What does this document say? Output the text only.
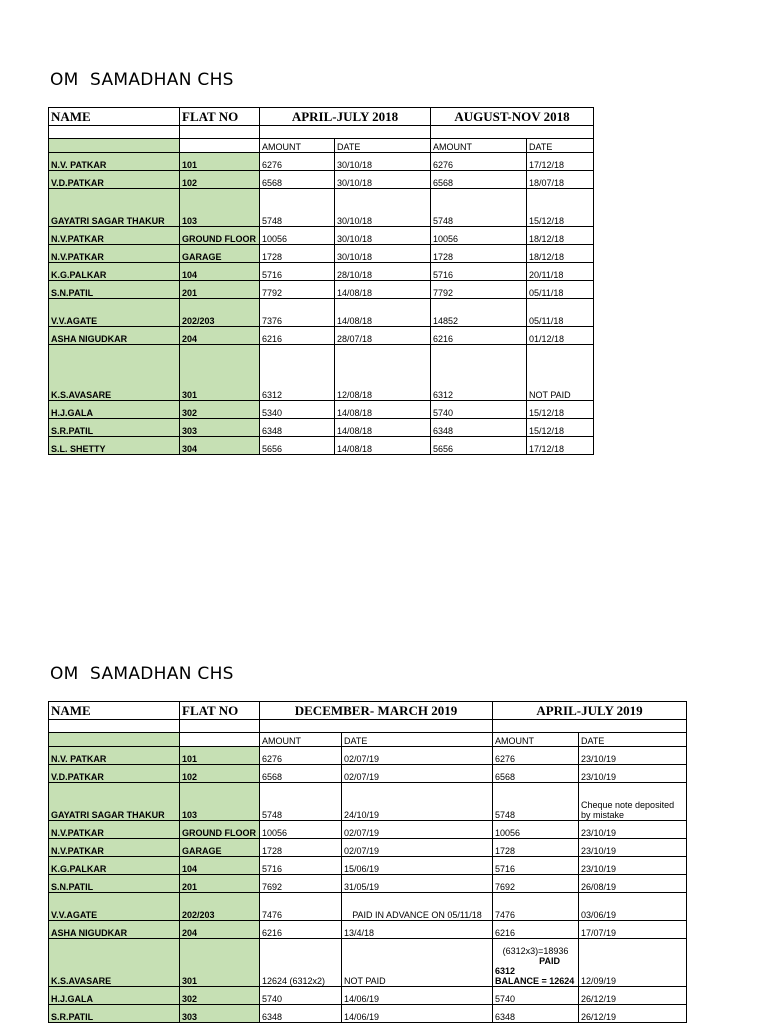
OM  SAMADHAN CHS
NAME	FLAT NO	APRIL-JULY 2018		AUGUST-NOV 2018	

		AMOUNT	DATE	AMOUNT	DATE
N.V. PATKAR	101	6276	30/10/18	6276	17/12/18
V.D.PATKAR	102	6568	30/10/18	6568	18/07/18
GAYATRI SAGAR THAKUR	103	5748	30/10/18	5748	15/12/18
N.V.PATKAR	GROUND FLOOR	10056	30/10/18	10056	18/12/18
N.V.PATKAR	GARAGE	1728	30/10/18	1728	18/12/18
K.G.PALKAR	104	5716	28/10/18	5716	20/11/18
S.N.PATIL	201	7792	14/08/18	7792	05/11/18
V.V.AGATE	202/203	7376	14/08/18	14852	05/11/18
ASHA NIGUDKAR	204	6216	28/07/18	6216	01/12/18
K.S.AVASARE	301	6312	12/08/18	6312	NOT PAID
H.J.GALA	302	5340	14/08/18	5740	15/12/18
S.R.PATIL	303	6348	14/08/18	6348	15/12/18
S.L. SHETTY	304	5656	14/08/18	5656	17/12/18
OM  SAMADHAN CHS
NAME	FLAT NO	DECEMBER- MARCH 2019		APRIL-JULY 2019	

		AMOUNT	DATE	AMOUNT	DATE
N.V. PATKAR	101	6276	02/07/19	6276	23/10/19
V.D.PATKAR	102	6568	02/07/19	6568	23/10/19
GAYATRI SAGAR THAKUR	103	5748	24/10/19	5748	Cheque note deposited by mistake
N.V.PATKAR	GROUND FLOOR	10056	02/07/19	10056	23/10/19
N.V.PATKAR	GARAGE	1728	02/07/19	1728	23/10/19
K.G.PALKAR	104	5716	15/06/19	5716	23/10/19
S.N.PATIL	201	7692	31/05/19	7692	26/08/19
V.V.AGATE	202/203	7476	PAID IN ADVANCE ON 05/11/18	7476	03/06/19
ASHA NIGUDKAR	204	6216	13/4/18	6216	17/07/19
K.S.AVASARE	301	12624 (6312x2)	NOT PAID	(6312x3)=18936
PAID
6312
BALANCE = 12624	12/09/19
H.J.GALA	302	5740	14/06/19	5740	26/12/19
S.R.PATIL	303	6348	14/06/19	6348	26/12/19
